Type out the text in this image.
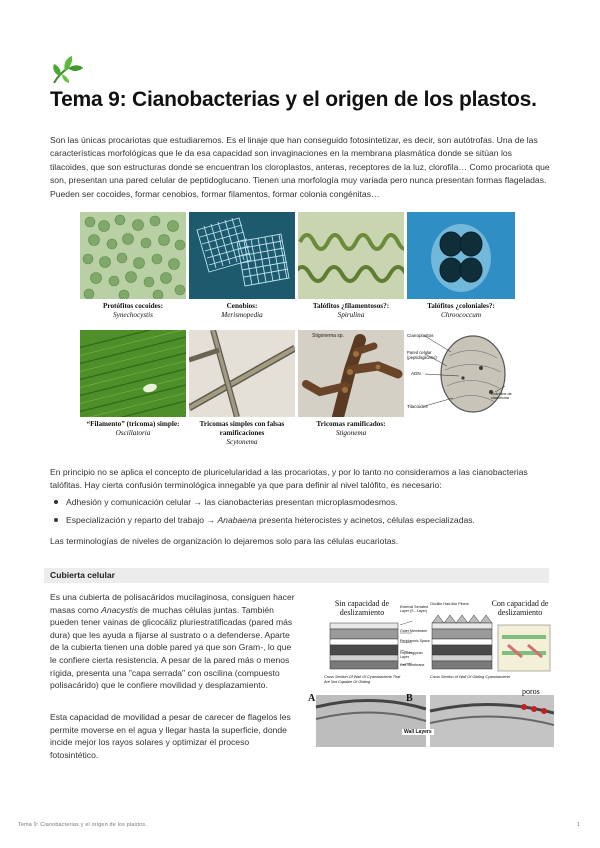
Tema 9: Cianobacterias y el origen de los plastos.

Son las únicas procariotas que estudiaremos. Es el linaje que han conseguido fotosintetizar, es decir, son autótrofas. Una de las características morfológicas que le da esa capacidad son invaginaciones en la membrana plasmática donde se sitúan los tilacoides, que son estructuras donde se encuentran los cloroplastos, anteras, receptores de la luz, clorofila… Como procariota que son, presentan una pared celular de peptidoglucano. Tienen una morfología muy variada pero nunca presentan formas flageladas. Pueden ser cocoides, formar cenobios, formar filamentos, formar colonia congénitas…

Protófitos cocoides:
Synechocystis
Cenobios:
Merismopedia
Talófitos ¿filamentosos?:
Spirulina
Talófitos ¿coloniales?:
Chroococcum
Stigonema sp.	Cianoplastos
Pared celular (peptidoglicano)
ADN
Tilacoides
Gránulos de cianoficina
“Filamento” (tricoma) simple:
Oscillatoria
Tricomas simples con falsas ramificaciones
Scytonema
Tricomas ramificados:
Stigonema

En principio no se aplica el concepto de pluricelularidad a las procariotas, y por lo tanto no consideramos a las cianobacterias talófitas. Hay cierta confusión terminológica innegable ya que para definir al nivel talófito, es necesario:

Adhesión y comunicación celular → las cianobacterias presentan microplasmodesmos.
Especialización y reparto del trabajo → Anabaena presenta heterocistes y acinetos, células especializadas.

Las terminologías de niveles de organización lo dejaremos solo para las células eucariotas.

Cubierta celular

Es una cubierta de polisacáridos mucilaginosa, consiguen hacer masas como Anacystis de muchas células juntas. También pueden tener vainas de glicocáliz pluriestratificadas (pared más dura) que les ayuda a fijarse al sustrato o a defenderse. Aparte de la cubierta tienen una doble pared ya que son Gram-, lo que le confiere cierta resistencia. A pesar de la pared más o menos rígida, presenta una "capa serrada" con oscilina (compuesto polisacárido) que le confiere movilidad y desplazamiento.

Esta capacidad de movilidad a pesar de carecer de flagelos les permite moverse en el agua y llegar hasta la superficie, donde incide mejor los rayos solares y optimizar el proceso fotosintético.

Sin capacidad de deslizamiento
Con capacidad de deslizamiento
Oscillin Hair-like Fibers
External Serrated Layer (S - Layer)
Outer Membrane
Periplasmic Space
Peptidoglycan Layer
Cell Membrane
Cross Section Of Wall Of Cyanobacteria That Are Not Capable Of Gliding
Cross Section of Wall Of Gliding Cyanobacteria
A	B
poros
Wall Layers
Tema 9: Cianobacterias y el origen de los plastos.	1
